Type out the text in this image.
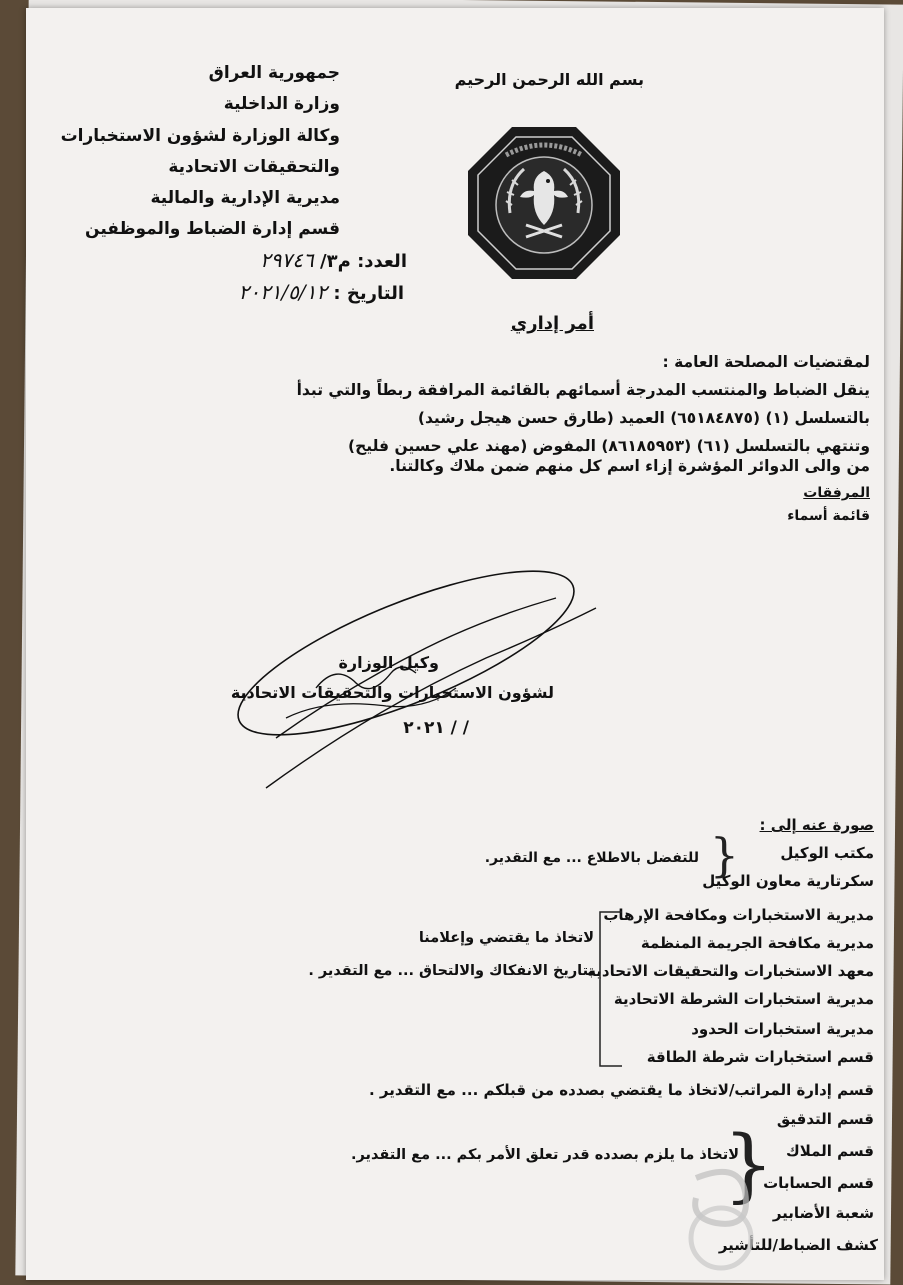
جمهورية العراق
وزارة الداخلية
وكالة الوزارة لشؤون الاستخبارات
والتحقيقات الاتحادية
مديرية الإدارية والمالية
قسم إدارة الضباط والموظفين
العدد: م٣/ ٢٩٧٤٦
التاريخ : ٢٠٢١/٥/١٢
بسم الله الرحمن الرحيم
أمر إداري
لمقتضيات المصلحة العامة :
ينقل الضباط والمنتسب المدرجة أسمائهم بالقائمة المرافقة ربطاً والتي تبدأ
بالتسلسل (١) (٦٥١٨٤٨٧٥) العميد (طارق حسن هيجل رشيد)
وتنتهي بالتسلسل (٦١) (٨٦١٨٥٩٥٣) المفوض (مهند علي حسين فليح)
من والى الدوائر المؤشرة إزاء اسم كل منهم ضمن ملاك وكالتنا.
المرفقات
قائمة أسماء
وكيل الوزارة
لشؤون الاستخبارات والتحقيقات الاتحادية
/ / ٢٠٢١
صورة عنه إلى :
مكتب الوكيل
سكرتارية معاون الوكيل
{
للتفضل بالاطلاع ... مع التقدير.
مديرية الاستخبارات ومكافحة الإرهاب
مديرية مكافحة الجريمة المنظمة
معهد الاستخبارات والتحقيقات الاتحادية
مديرية استخبارات الشرطة الاتحادية
مديرية استخبارات الحدود
قسم استخبارات شرطة الطاقة
لاتخاذ ما يقتضي وإعلامنا
بتاريخ الانفكاك والالتحاق ... مع التقدير .
قسم إدارة المراتب/لاتخاذ ما يقتضي بصدده من قبلكم ... مع التقدير .
قسم التدقيق
قسم الملاك
قسم الحسابات
شعبة الأضابير
{
لاتخاذ ما يلزم بصدده قدر تعلق الأمر بكم ... مع التقدير.
كشف الضباط/للتأشير
